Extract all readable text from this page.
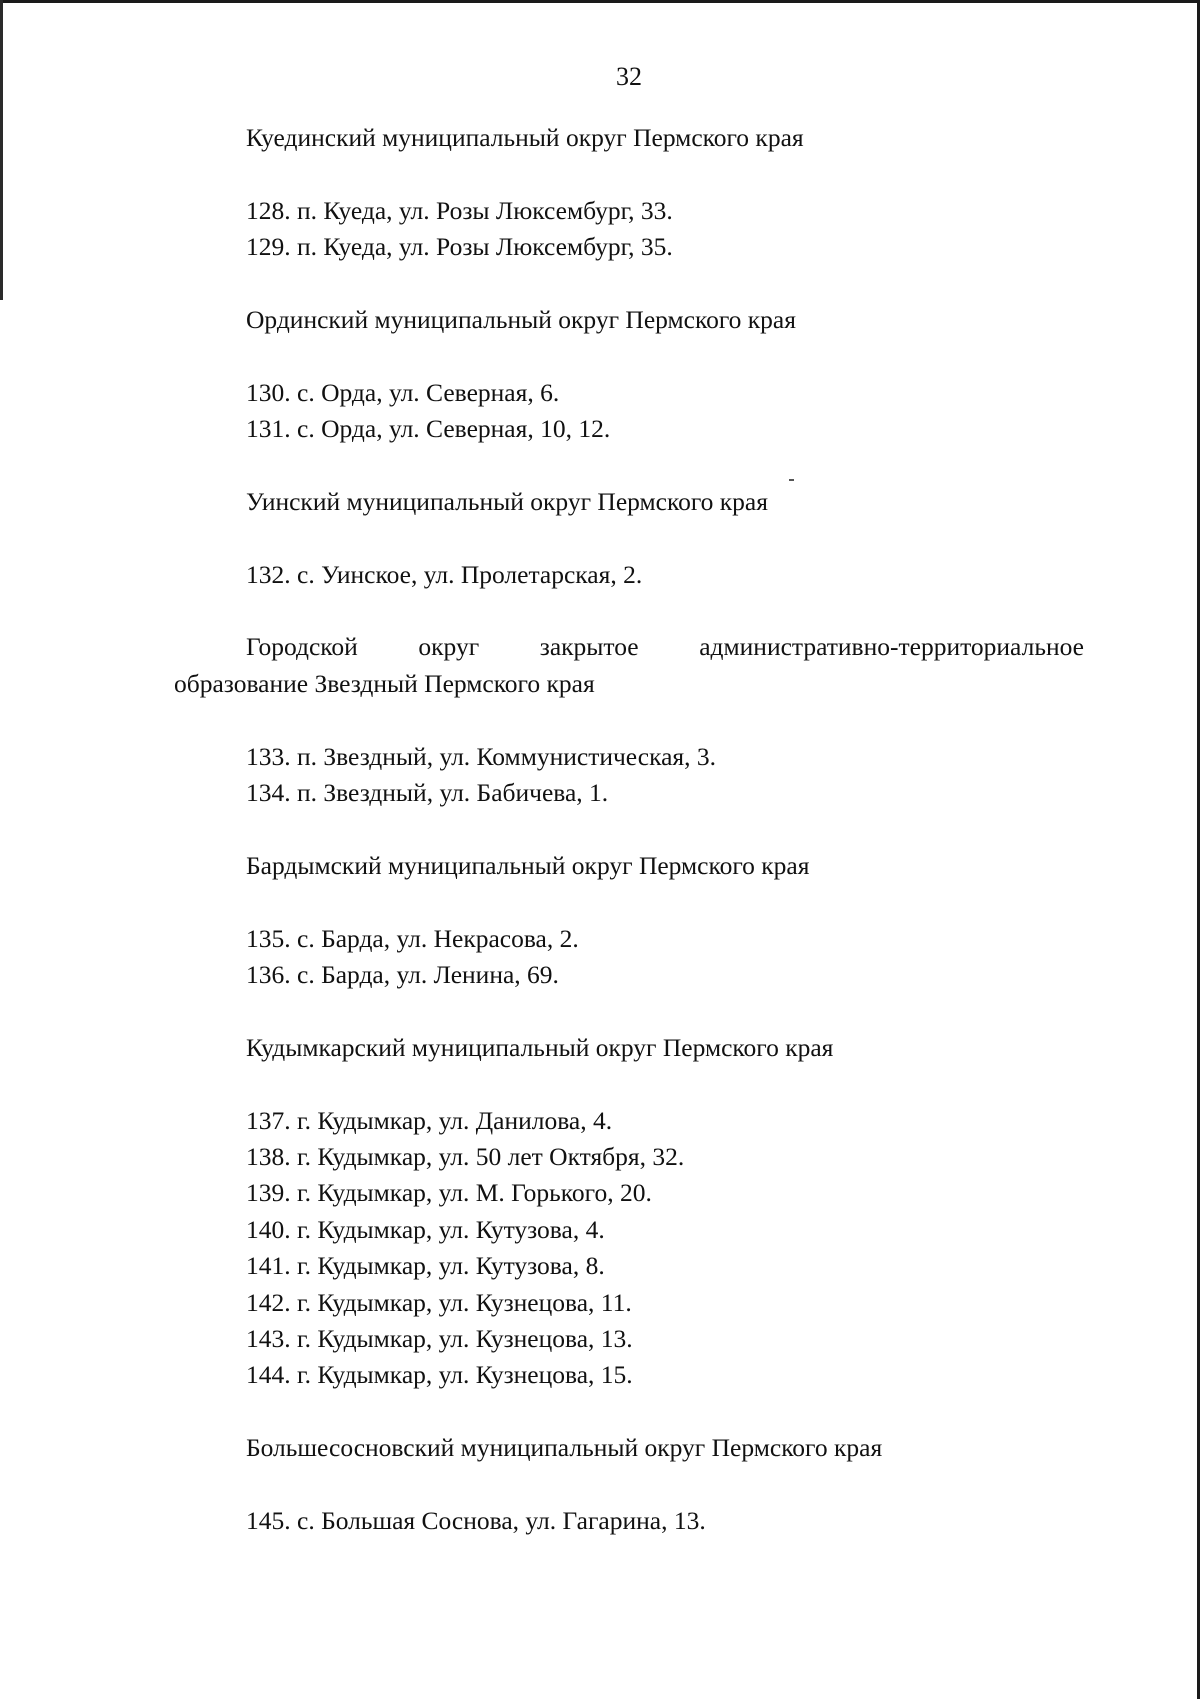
32
Куединский муниципальный округ Пермского края
128. п. Куеда, ул. Розы Люксембург, 33.
129. п. Куеда, ул. Розы Люксембург, 35.
Ординский муниципальный округ Пермского края
130. с. Орда, ул. Северная, 6.
131. с. Орда, ул. Северная, 10, 12.
Уинский муниципальный округ Пермского края
132. с. Уинское, ул. Пролетарская, 2.
Городской округ закрытое административно-территориальное
образование Звездный Пермского края
133. п. Звездный, ул. Коммунистическая, 3.
134. п. Звездный, ул. Бабичева, 1.
Бардымский муниципальный округ Пермского края
135. с. Барда, ул. Некрасова, 2.
136. с. Барда, ул. Ленина, 69.
Кудымкарский муниципальный округ Пермского края
137. г. Кудымкар, ул. Данилова, 4.
138. г. Кудымкар, ул. 50 лет Октября, 32.
139. г. Кудымкар, ул. М. Горького, 20.
140. г. Кудымкар, ул. Кутузова, 4.
141. г. Кудымкар, ул. Кутузова, 8.
142. г. Кудымкар, ул. Кузнецова, 11.
143. г. Кудымкар, ул. Кузнецова, 13.
144. г. Кудымкар, ул. Кузнецова, 15.
Большесосновский муниципальный округ Пермского края
145. с. Большая Соснова, ул. Гагарина, 13.
